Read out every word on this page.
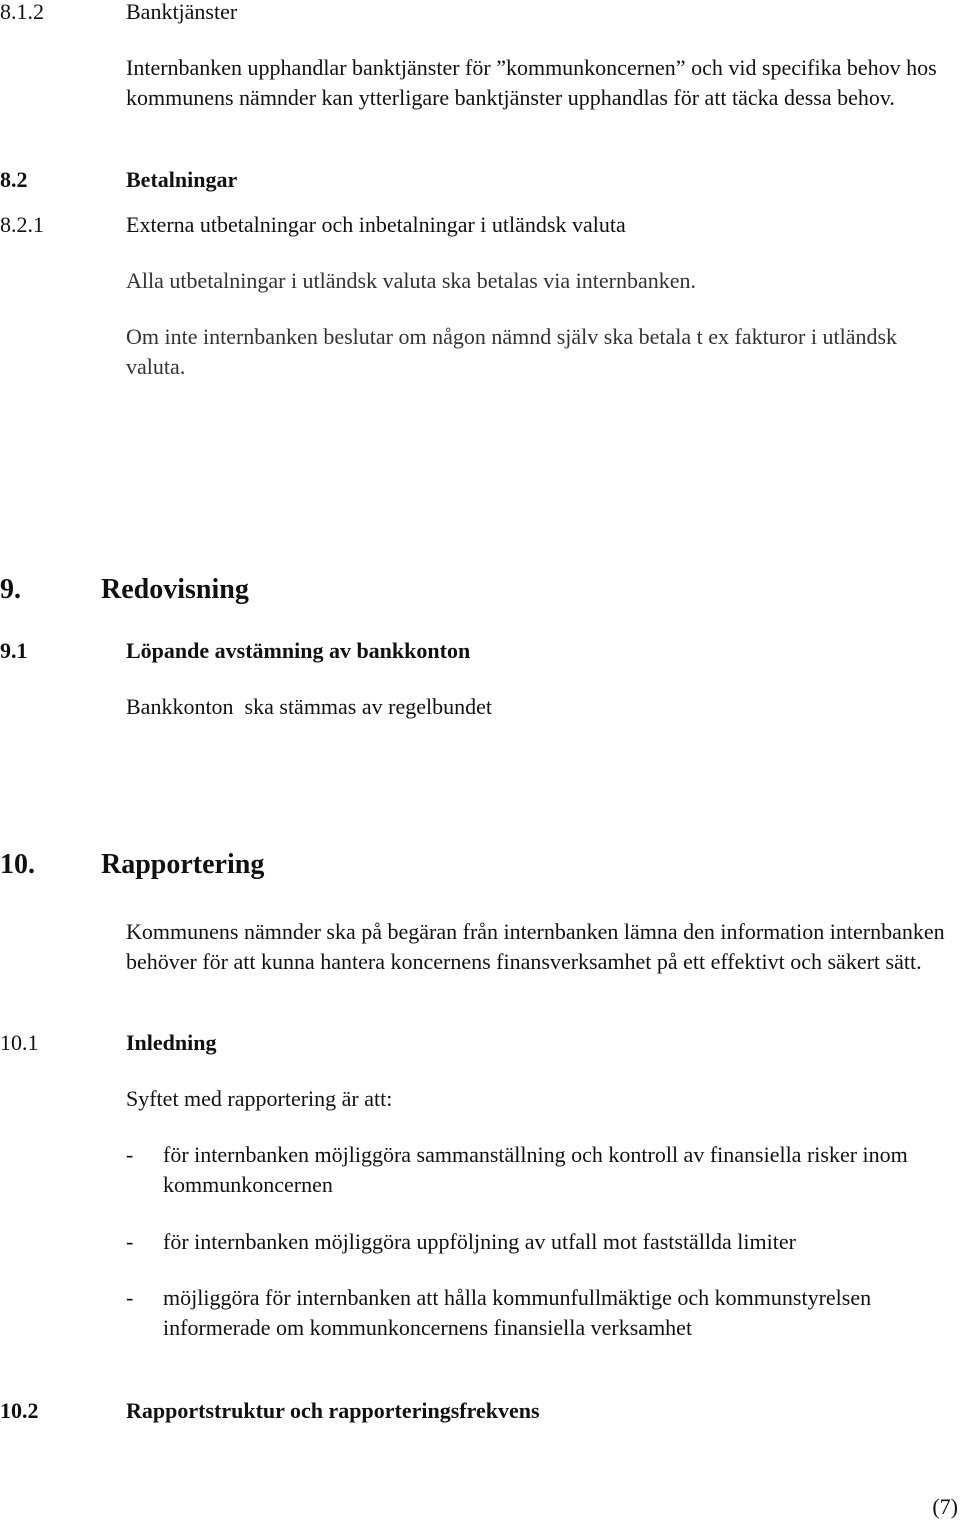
8.1.2	Banktjänster
Internbanken upphandlar banktjänster för ”kommunkoncernen” och vid specifika behov hos kommunens nämnder kan ytterligare banktjänster upphandlas för att täcka dessa behov.
8.2	Betalningar
8.2.1	Externa utbetalningar och inbetalningar i utländsk valuta
Alla utbetalningar i utländsk valuta ska betalas via internbanken.
Om inte internbanken beslutar om någon nämnd själv ska betala t ex fakturor i utländsk valuta.
9.	Redovisning
9.1	Löpande avstämning av bankkonton
Bankkonton  ska stämmas av regelbundet
10. Rapportering
Kommunens nämnder ska på begäran från internbanken lämna den information internbanken behöver för att kunna hantera koncernens finansverksamhet på ett effektivt och säkert sätt.
10.1	Inledning
Syftet med rapportering är att:
- för internbanken möjliggöra sammanställning och kontroll av finansiella risker inom kommunkoncernen
- för internbanken möjliggöra uppföljning av utfall mot fastställda limiter
- möjliggöra för internbanken att hålla kommunfullmäktige och kommunstyrelsen informerade om kommunkoncernens finansiella verksamhet
10.2	Rapportstruktur och rapporteringsfrekvens
(7)
